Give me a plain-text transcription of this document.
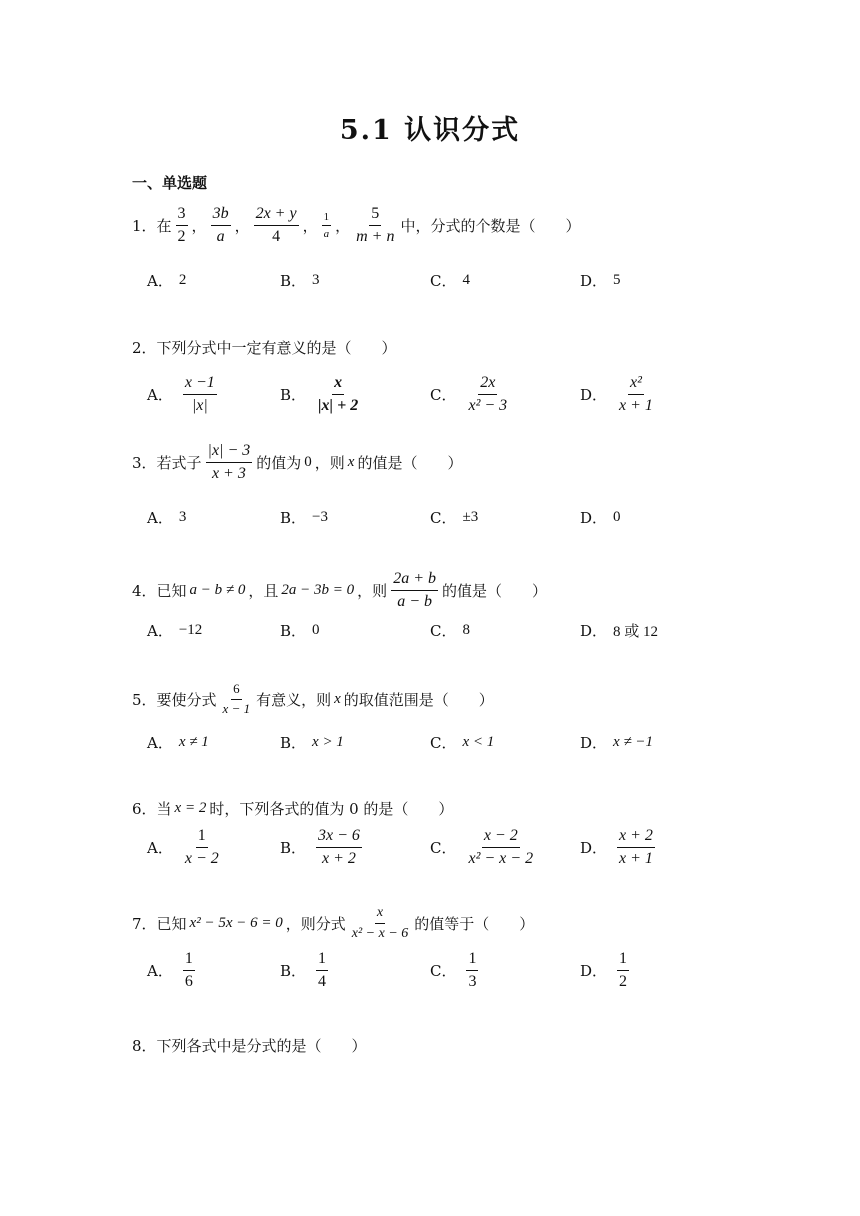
5.1 认识分式
一、单选题
1．在 $\frac{3}{2}$ ， $\frac{3b}{a}$ ， $\frac{2x + y}{4}$ ， $\frac{1}{a}$ ， $\frac{5}{m + n}$ 中，分式的个数是（　　）
A． 2	B． 3	C． 4	D． 5
2．下列分式中一定有意义的是（　　）
A． $\frac{x -1}{|x|}$	B． $\frac{x}{|x| + 2}$	C． $\frac{2x}{\text{x² − 3}}$	D． $\frac{\text{x²}}{x + 1}$
3．若式子 $\frac{|x| - 3}{x + 3}$ 的值为 0 ，则 x 的值是（　　）
A． 3	B． −3	C． ±3	D． 0
4．已知 a − b ≠ 0 ，且 2a − 3b = 0 ，则 $\frac{2a + b}{a - b}$ 的值是（　　）
A． −12	B． 0	C． 8	D． 8 或 12
5．要使分式 $\frac{6}{x - 1}$ 有意义，则 x 的取值范围是（　　）
A． x ≠ 1	B． x > 1	C． x < 1	D． x ≠ −1
6．当 x = 2 时，下列各式的值为 0 的是（　　）
A． $\frac{1}{x - 2}$	B． $\frac{3x - 6}{x + 2}$	C． $\frac{x - 2}{\text{x² − x − 2}}$	D． $\frac{x + 2}{x + 1}$
7．已知 x² − 5x − 6 = 0 ，则分式 $\frac{x}{\text{x² − x − 6}}$ 的值等于（　　）
A． $\frac{1}{6}$	B． $\frac{1}{4}$	C． $\frac{1}{3}$	D． $\frac{1}{2}$
8．下列各式中是分式的是（　　）
